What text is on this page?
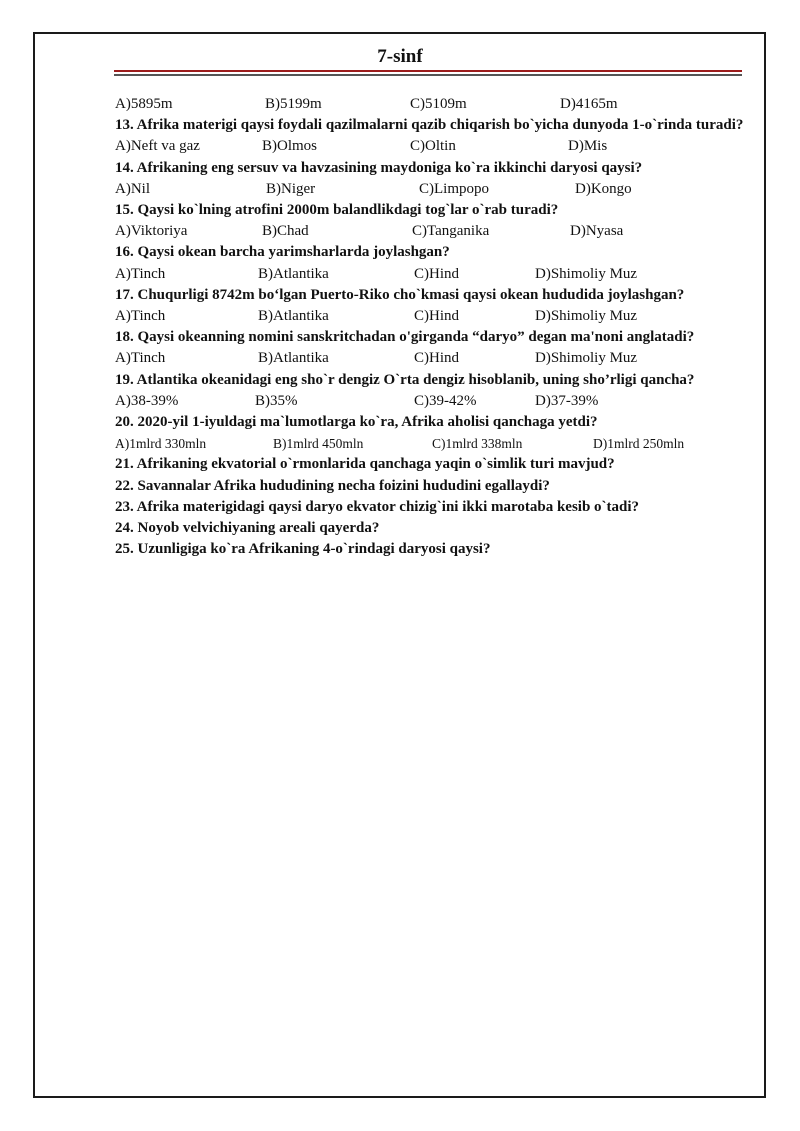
7-sinf
A)5895m	B)5199m	C)5109m	D)4165m
13. Afrika materigi qaysi foydali qazilmalarni qazib chiqarish bo`yicha dunyoda 1-o`rinda turadi?
A)Neft va gaz	B)Olmos	C)Oltin	D)Mis
14. Afrikaning eng sersuv va havzasining maydoniga ko`ra ikkinchi daryosi qaysi?
A)Nil	B)Niger	C)Limpopo	D)Kongo
15. Qaysi ko`lning atrofini 2000m balandlikdagi tog`lar o`rab turadi?
A)Viktoriya	B)Chad	C)Tanganika	D)Nyasa
16. Qaysi okean barcha yarimsharlarda joylashgan?
A)Tinch	B)Atlantika	C)Hind	D)Shimoliy Muz
17. Chuqurligi 8742m bo‘lgan Puerto-Riko cho`kmasi qaysi okean hududida joylashgan?
A)Tinch	B)Atlantika	C)Hind	D)Shimoliy Muz
18. Qaysi okeanning nomini sanskritchadan o'girganda “daryo” degan ma'noni anglatadi?
A)Tinch	B)Atlantika	C)Hind	D)Shimoliy Muz
19. Atlantika okeanidagi eng sho`r dengiz O`rta dengiz hisoblanib, uning sho’rligi qancha?
A)38-39%	B)35%	C)39-42%	D)37-39%
20. 2020-yil 1-iyuldagi ma`lumotlarga ko`ra, Afrika aholisi qanchaga yetdi?
A)1mlrd 330mln	B)1mlrd 450mln	C)1mlrd 338mln	D)1mlrd 250mln
21. Afrikaning ekvatorial o`rmonlarida qanchaga yaqin o`simlik turi mavjud?
22. Savannalar Afrika hududining necha foizini hududini egallaydi?
23. Afrika materigidagi qaysi daryo ekvator chizig`ini ikki marotaba kesib o`tadi?
24. Noyob velvichiyaning areali qayerda?
25. Uzunligiga ko`ra Afrikaning 4-o`rindagi daryosi qaysi?
